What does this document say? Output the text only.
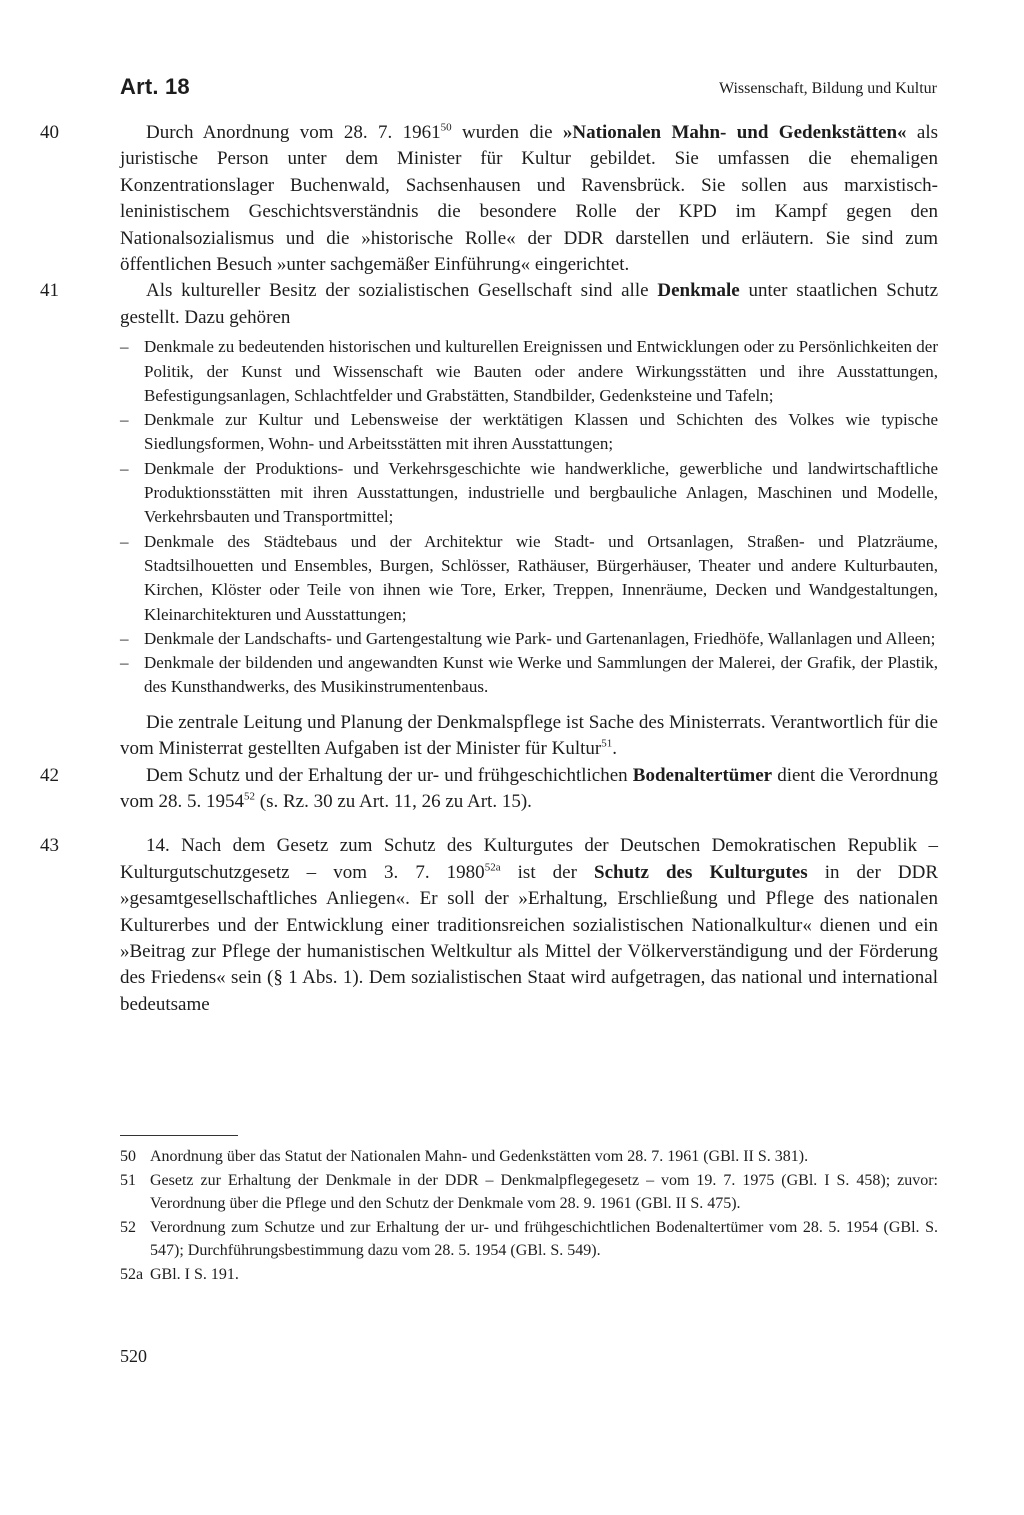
Art. 18	Wissenschaft, Bildung und Kultur

40	Durch Anordnung vom 28. 7. 1961$^{50}$ wurden die »Nationalen Mahn- und Gedenkstätten« als juristische Person unter dem Minister für Kultur gebildet. Sie umfassen die ehemaligen Konzentrationslager Buchenwald, Sachsenhausen und Ravensbrück. Sie sollen aus marxistisch-leninistischem Geschichtsverständnis die besondere Rolle der KPD im Kampf gegen den Nationalsozialismus und die »historische Rolle« der DDR darstellen und erläutern. Sie sind zum öffentlichen Besuch »unter sachgemäßer Einführung« eingerichtet.

41	Als kultureller Besitz der sozialistischen Gesellschaft sind alle Denkmale unter staatlichen Schutz gestellt. Dazu gehören

– Denkmale zu bedeutenden historischen und kulturellen Ereignissen und Entwicklungen oder zu Persönlichkeiten der Politik, der Kunst und Wissenschaft wie Bauten oder andere Wirkungsstätten und ihre Ausstattungen, Befestigungsanlagen, Schlachtfelder und Grabstätten, Standbilder, Gedenksteine und Tafeln;
– Denkmale zur Kultur und Lebensweise der werktätigen Klassen und Schichten des Volkes wie typische Siedlungsformen, Wohn- und Arbeitsstätten mit ihren Ausstattungen;
– Denkmale der Produktions- und Verkehrsgeschichte wie handwerkliche, gewerbliche und landwirtschaftliche Produktionsstätten mit ihren Ausstattungen, industrielle und bergbauliche Anlagen, Maschinen und Modelle, Verkehrsbauten und Transportmittel;
– Denkmale des Städtebaus und der Architektur wie Stadt- und Ortsanlagen, Straßen- und Platzräume, Stadtsilhouetten und Ensembles, Burgen, Schlösser, Rathäuser, Bürgerhäuser, Theater und andere Kulturbauten, Kirchen, Klöster oder Teile von ihnen wie Tore, Erker, Treppen, Innenräume, Decken und Wandgestaltungen, Kleinarchitekturen und Ausstattungen;
– Denkmale der Landschafts- und Gartengestaltung wie Park- und Gartenanlagen, Friedhöfe, Wallanlagen und Alleen;
– Denkmale der bildenden und angewandten Kunst wie Werke und Sammlungen der Malerei, der Grafik, der Plastik, des Kunsthandwerks, des Musikinstrumentenbaus.

Die zentrale Leitung und Planung der Denkmalspflege ist Sache des Ministerrats. Verantwortlich für die vom Ministerrat gestellten Aufgaben ist der Minister für Kultur$^{51}$.

42	Dem Schutz und der Erhaltung der ur- und frühgeschichtlichen Bodenaltertümer dient die Verordnung vom 28. 5. 1954$^{52}$ (s. Rz. 30 zu Art. 11, 26 zu Art. 15).

43	14. Nach dem Gesetz zum Schutz des Kulturgutes der Deutschen Demokratischen Republik – Kulturgutschutzgesetz – vom 3. 7. $1980^{52a}$ ist der Schutz des Kulturgutes in der DDR »gesamtgesellschaftliches Anliegen«. Er soll der »Erhaltung, Erschließung und Pflege des nationalen Kulturerbes und der Entwicklung einer traditionsreichen sozialistischen Nationalkultur« dienen und ein »Beitrag zur Pflege der humanistischen Weltkultur als Mittel der Völkerverständigung und der Förderung des Friedens« sein (§ 1 Abs. 1). Dem sozialistischen Staat wird aufgetragen, das national und international bedeutsame

50 Anordnung über das Statut der Nationalen Mahn- und Gedenkstätten vom 28. 7. 1961 (GBl. II S. 381).

51 Gesetz zur Erhaltung der Denkmale in der DDR – Denkmalpflegegesetz – vom 19. 7. 1975 (GBl. I S. 458); zuvor: Verordnung über die Pflege und den Schutz der Denkmale vom 28. 9. 1961 (GBl. II S. 475).

52 Verordnung zum Schutze und zur Erhaltung der ur- und frühgeschichtlichen Bodenaltertümer vom 28. 5. 1954 (GBl. S. 547); Durchführungsbestimmung dazu vom 28. 5. 1954 (GBl. S. 549).

52a GBl. I S. 191.

520
